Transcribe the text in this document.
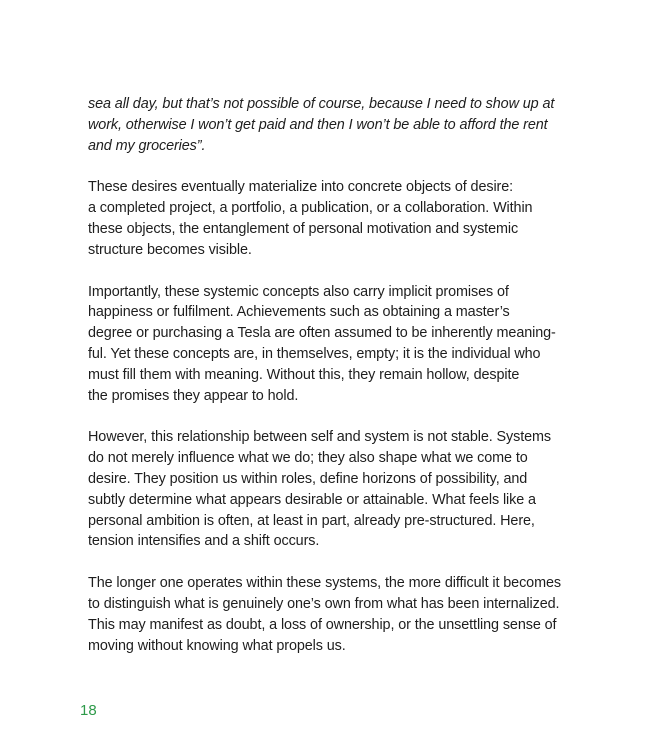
sea all day, but that’s not possible of course, because I need to show up at
work, otherwise I won’t get paid and then I won’t be able to afford the rent
and my groceries”.

These desires eventually materialize into concrete objects of desire:
a completed project, a portfolio, a publication, or a collaboration. Within
these objects, the entanglement of personal motivation and systemic
structure becomes visible.

Importantly, these systemic concepts also carry implicit promises of
happiness or fulfilment. Achievements such as obtaining a master’s
degree or purchasing a Tesla are often assumed to be inherently meaning-
ful. Yet these concepts are, in themselves, empty; it is the individual who
must fill them with meaning. Without this, they remain hollow, despite
the promises they appear to hold.

However, this relationship between self and system is not stable. Systems
do not merely influence what we do; they also shape what we come to
desire. They position us within roles, define horizons of possibility, and
subtly determine what appears desirable or attainable. What feels like a
personal ambition is often, at least in part, already pre-structured. Here,
tension intensifies and a shift occurs.

The longer one operates within these systems, the more difficult it becomes
to distinguish what is genuinely one’s own from what has been internalized.
This may manifest as doubt, a loss of ownership, or the unsettling sense of
moving without knowing what propels us.

18
